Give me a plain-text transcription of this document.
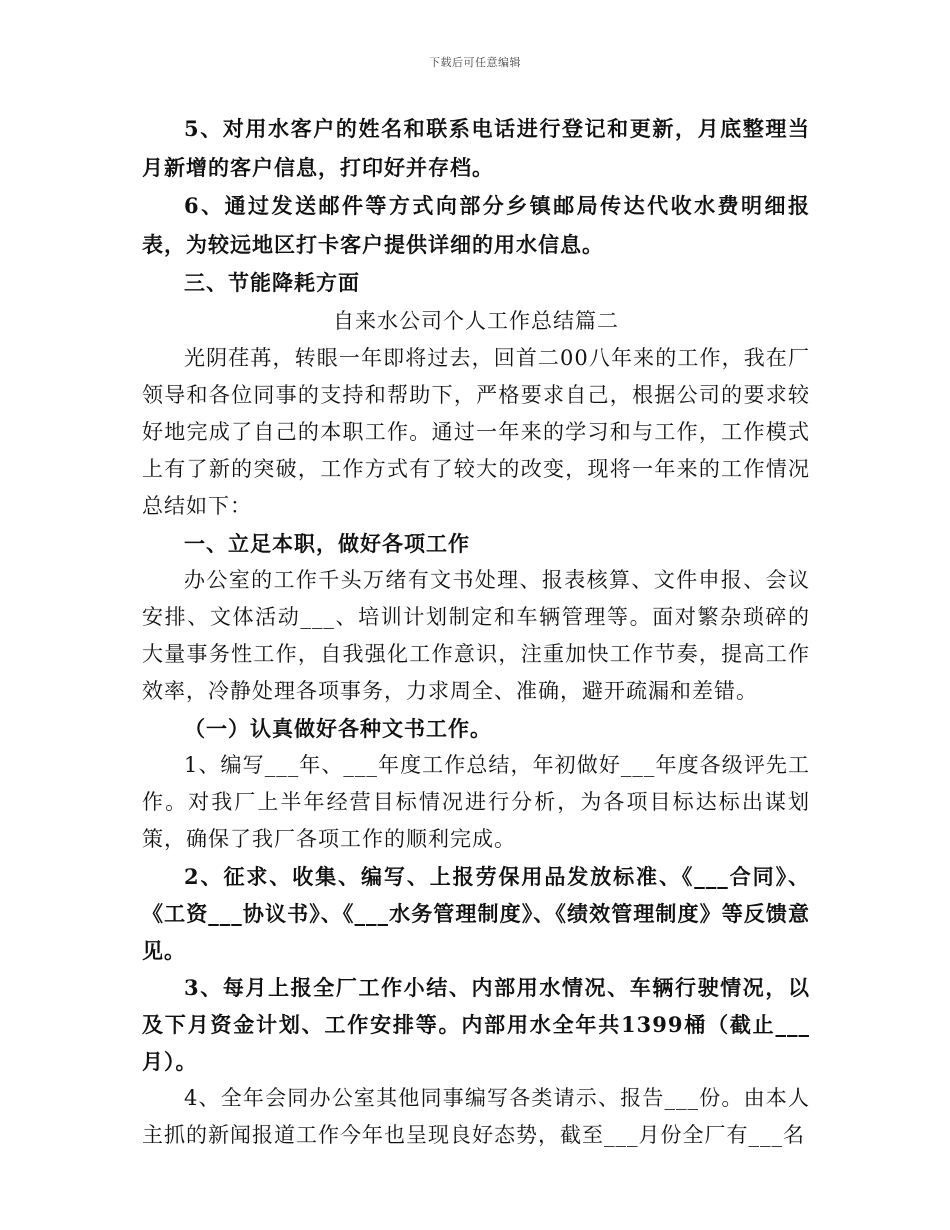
下载后可任意编辑

5、对用水客户的姓名和联系电话进行登记和更新，月底整理当月新增的客户信息，打印好并存档。

6、通过发送邮件等方式向部分乡镇邮局传达代收水费明细报表，为较远地区打卡客户提供详细的用水信息。

三、节能降耗方面

自来水公司个人工作总结篇二

光阴荏苒，转眼一年即将过去，回首二00八年来的工作，我在厂领导和各位同事的支持和帮助下，严格要求自己，根据公司的要求较好地完成了自己的本职工作。通过一年来的学习和与工作，工作模式上有了新的突破，工作方式有了较大的改变，现将一年来的工作情况总结如下：

一、立足本职，做好各项工作

办公室的工作千头万绪有文书处理、报表核算、文件申报、会议安排、文体活动___、培训计划制定和车辆管理等。面对繁杂琐碎的大量事务性工作，自我强化工作意识，注重加快工作节奏，提高工作效率，冷静处理各项事务，力求周全、准确，避开疏漏和差错。

（一）认真做好各种文书工作。

1、编写___年、___年度工作总结，年初做好___年度各级评先工作。对我厂上半年经营目标情况进行分析，为各项目标达标出谋划策，确保了我厂各项工作的顺利完成。

2、征求、收集、编写、上报劳保用品发放标准、《___合同》、《工资___协议书》、《___水务管理制度》、《绩效管理制度》等反馈意见。

3、每月上报全厂工作小结、内部用水情况、车辆行驶情况，以及下月资金计划、工作安排等。内部用水全年共1399桶（截止___月）。

4、全年会同办公室其他同事编写各类请示、报告___份。由本人主抓的新闻报道工作今年也呈现良好态势，截至___月份全厂有___名
